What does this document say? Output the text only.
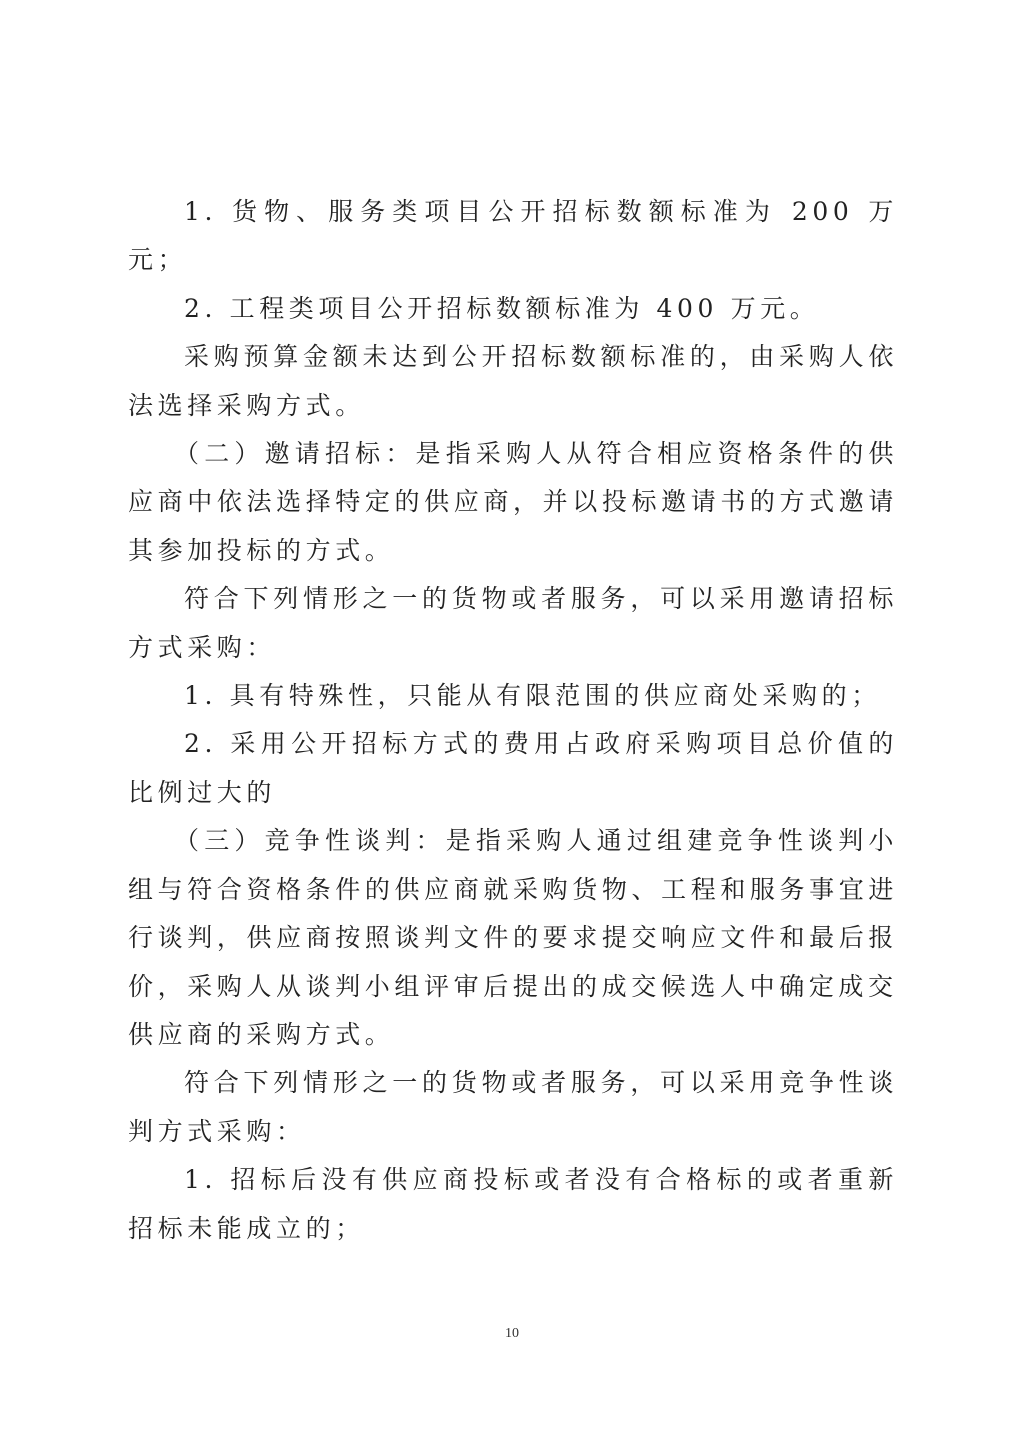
1. 货物、服务类项目公开招标数额标准为 200 万元；

2. 工程类项目公开招标数额标准为 400 万元。

采购预算金额未达到公开招标数额标准的，由采购人依法选择采购方式。

（二）邀请招标：是指采购人从符合相应资格条件的供应商中依法选择特定的供应商，并以投标邀请书的方式邀请其参加投标的方式。

符合下列情形之一的货物或者服务，可以采用邀请招标方式采购：

1. 具有特殊性，只能从有限范围的供应商处采购的；

2. 采用公开招标方式的费用占政府采购项目总价值的比例过大的

（三）竞争性谈判：是指采购人通过组建竞争性谈判小组与符合资格条件的供应商就采购货物、工程和服务事宜进行谈判，供应商按照谈判文件的要求提交响应文件和最后报价，采购人从谈判小组评审后提出的成交候选人中确定成交

供应商的采购方式。

符合下列情形之一的货物或者服务，可以采用竞争性谈判方式采购：

1. 招标后没有供应商投标或者没有合格标的或者重新招标未能成立的；

10
